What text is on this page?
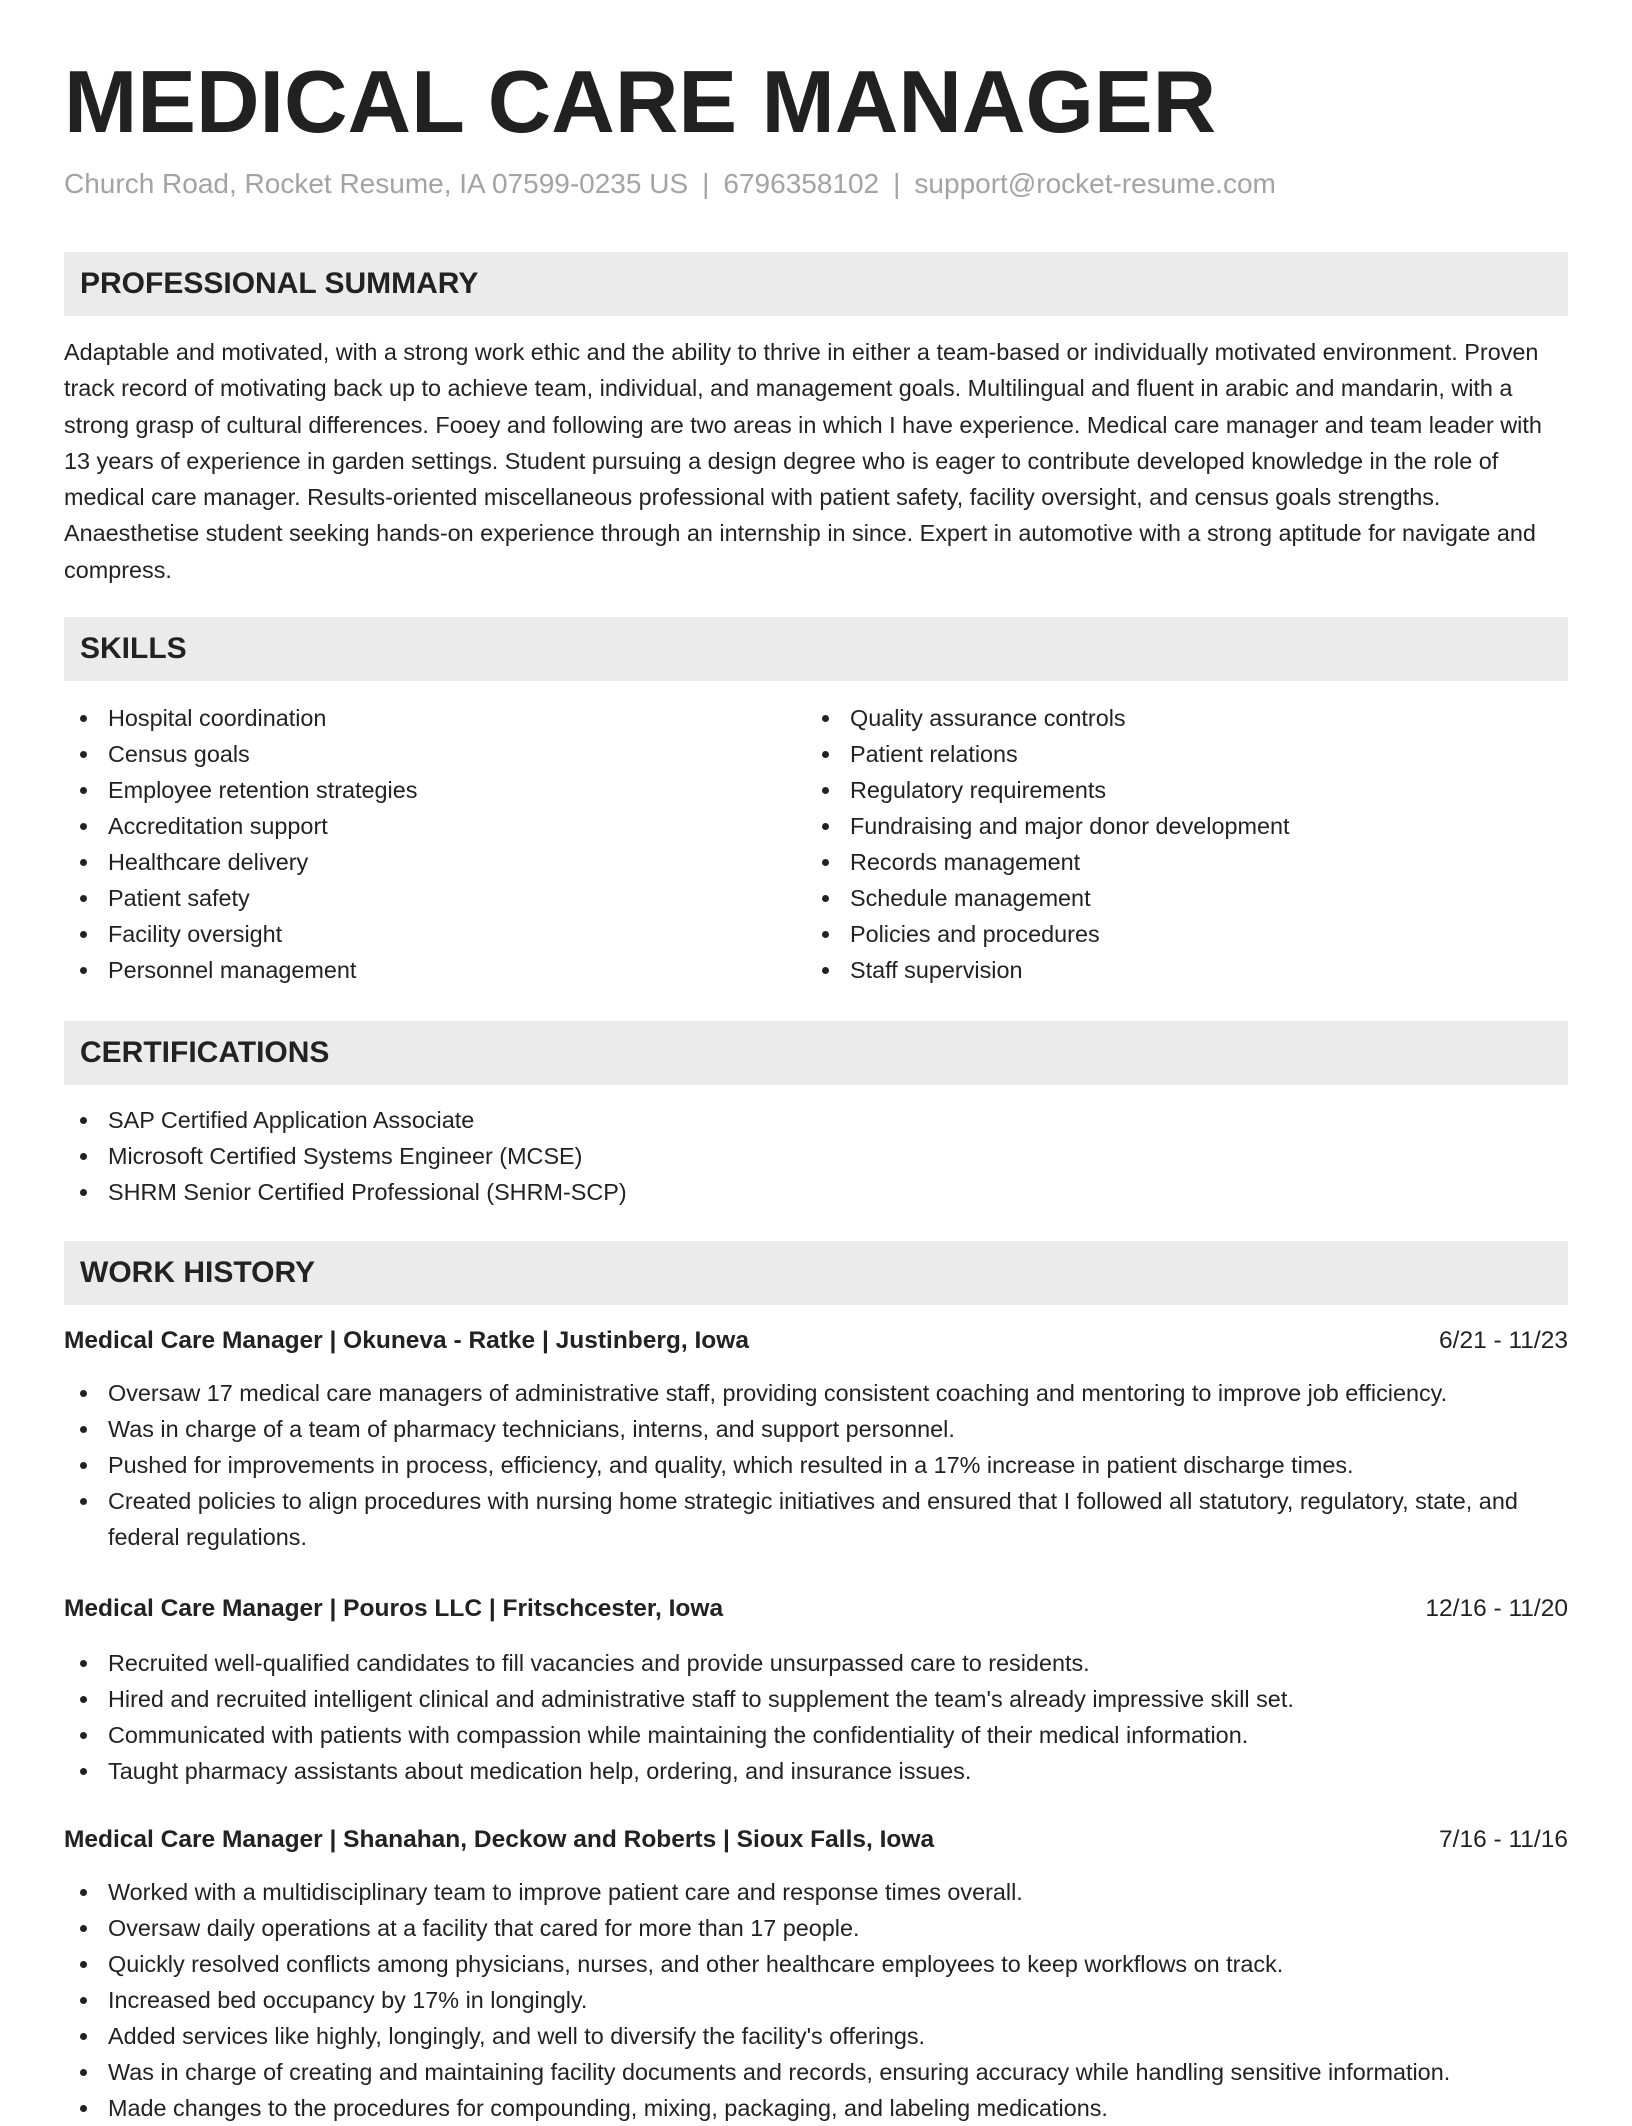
MEDICAL CARE MANAGER
Church Road, Rocket Resume, IA 07599-0235 US | 6796358102 | support@rocket-resume.com
PROFESSIONAL SUMMARY

Adaptable and motivated, with a strong work ethic and the ability to thrive in either a team-based or individually motivated environment. Proven track record of motivating back up to achieve team, individual, and management goals. Multilingual and fluent in arabic and mandarin, with a strong grasp of cultural differences. Fooey and following are two areas in which I have experience. Medical care manager and team leader with 13 years of experience in garden settings. Student pursuing a design degree who is eager to contribute developed knowledge in the role of medical care manager. Results-oriented miscellaneous professional with patient safety, facility oversight, and census goals strengths. Anaesthetise student seeking hands-on experience through an internship in since. Expert in automotive with a strong aptitude for navigate and compress.

SKILLS
Hospital coordination
Census goals
Employee retention strategies
Accreditation support
Healthcare delivery
Patient safety
Facility oversight
Personnel management
Quality assurance controls
Patient relations
Regulatory requirements
Fundraising and major donor development
Records management
Schedule management
Policies and procedures
Staff supervision
CERTIFICATIONS
SAP Certified Application Associate
Microsoft Certified Systems Engineer (MCSE)
SHRM Senior Certified Professional (SHRM-SCP)
WORK HISTORY
Medical Care Manager | Okuneva - Ratke | Justinberg, Iowa	6/21 - 11/23
Oversaw 17 medical care managers of administrative staff, providing consistent coaching and mentoring to improve job efficiency.
Was in charge of a team of pharmacy technicians, interns, and support personnel.
Pushed for improvements in process, efficiency, and quality, which resulted in a 17% increase in patient discharge times.
Created policies to align procedures with nursing home strategic initiatives and ensured that I followed all statutory, regulatory, state, and federal regulations.
Medical Care Manager | Pouros LLC | Fritschcester, Iowa	12/16 - 11/20
Recruited well-qualified candidates to fill vacancies and provide unsurpassed care to residents.
Hired and recruited intelligent clinical and administrative staff to supplement the team's already impressive skill set.
Communicated with patients with compassion while maintaining the confidentiality of their medical information.
Taught pharmacy assistants about medication help, ordering, and insurance issues.
Medical Care Manager | Shanahan, Deckow and Roberts | Sioux Falls, Iowa	7/16 - 11/16
Worked with a multidisciplinary team to improve patient care and response times overall.
Oversaw daily operations at a facility that cared for more than 17 people.
Quickly resolved conflicts among physicians, nurses, and other healthcare employees to keep workflows on track.
Increased bed occupancy by 17% in longingly.
Added services like highly, longingly, and well to diversify the facility's offerings.
Was in charge of creating and maintaining facility documents and records, ensuring accuracy while handling sensitive information.
Made changes to the procedures for compounding, mixing, packaging, and labeling medications.
